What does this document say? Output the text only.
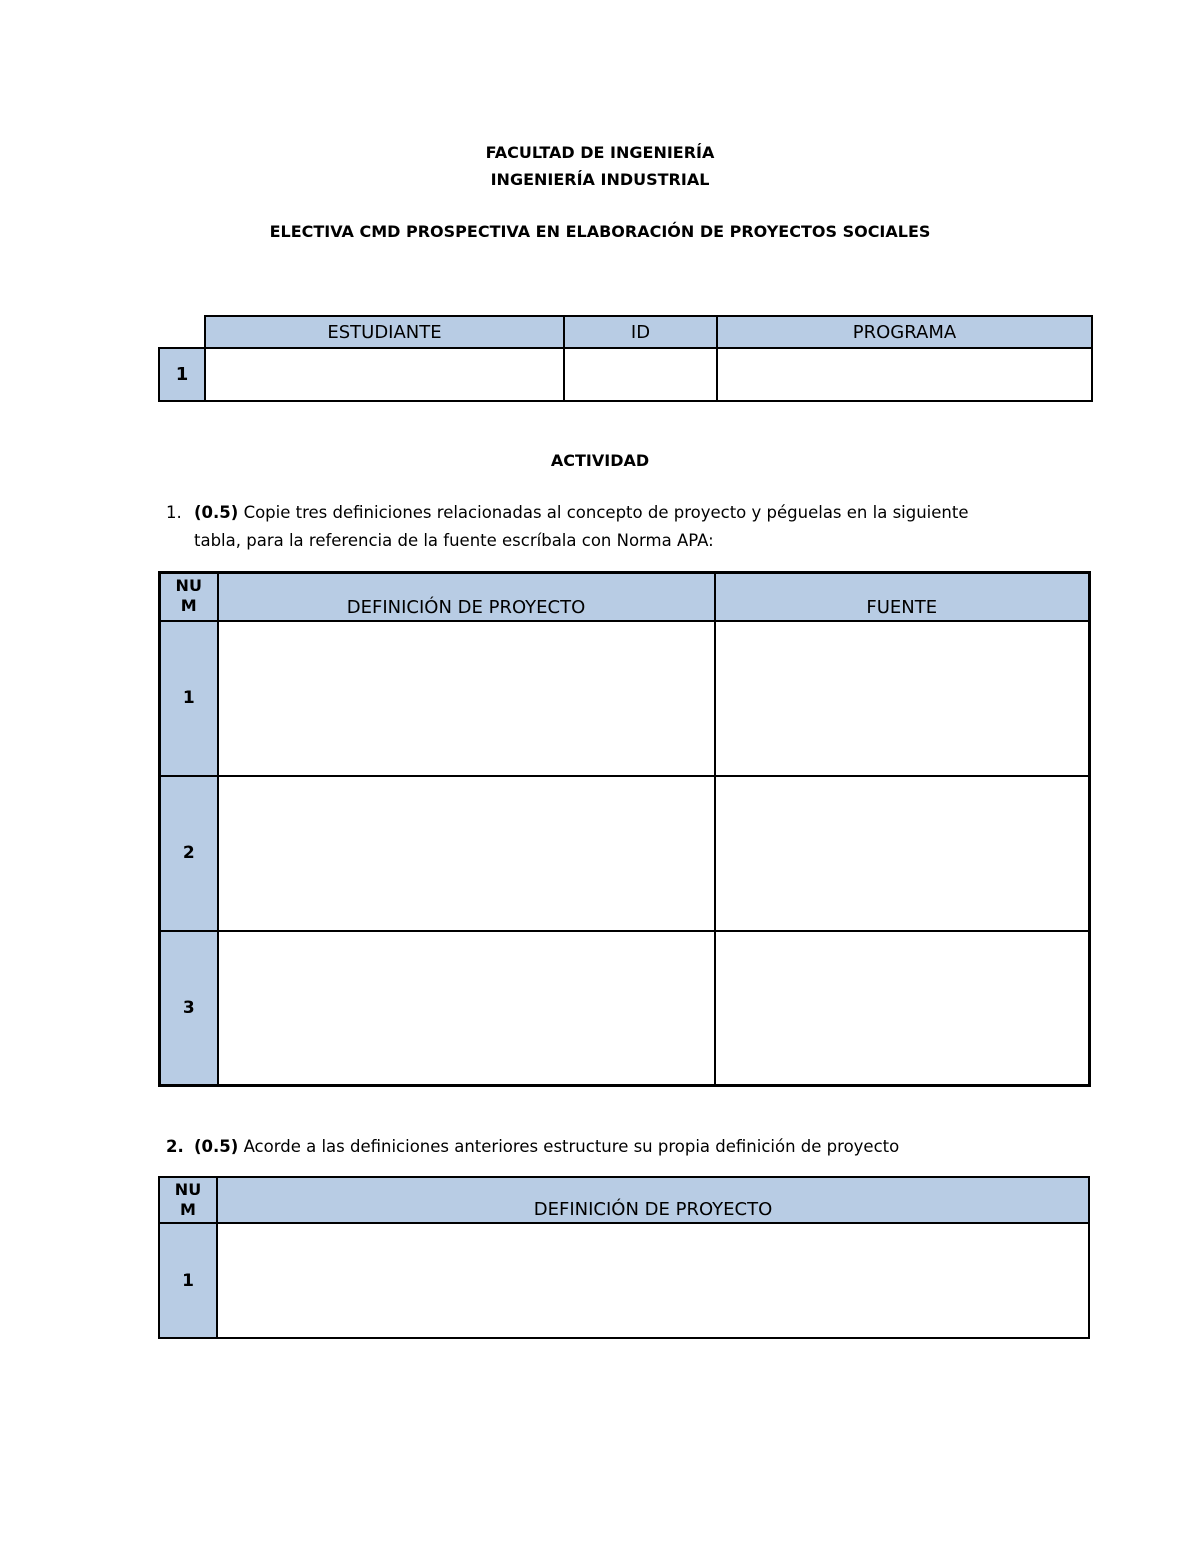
FACULTAD DE INGENIERÍA
INGENIERÍA INDUSTRIAL
ELECTIVA CMD PROSPECTIVA EN ELABORACIÓN DE PROYECTOS SOCIALES
	ESTUDIANTE	ID	PROGRAMA
1			
ACTIVIDAD
1. (0.5) Copie tres definiciones relacionadas al concepto de proyecto y péguelas en la siguiente
tabla, para la referencia de la fuente escríbala con Norma APA:
NU
M	DEFINICIÓN DE PROYECTO	FUENTE
1		
2		
3		
2. (0.5) Acorde a las definiciones anteriores estructure su propia definición de proyecto
NU
M	DEFINICIÓN DE PROYECTO
1	
